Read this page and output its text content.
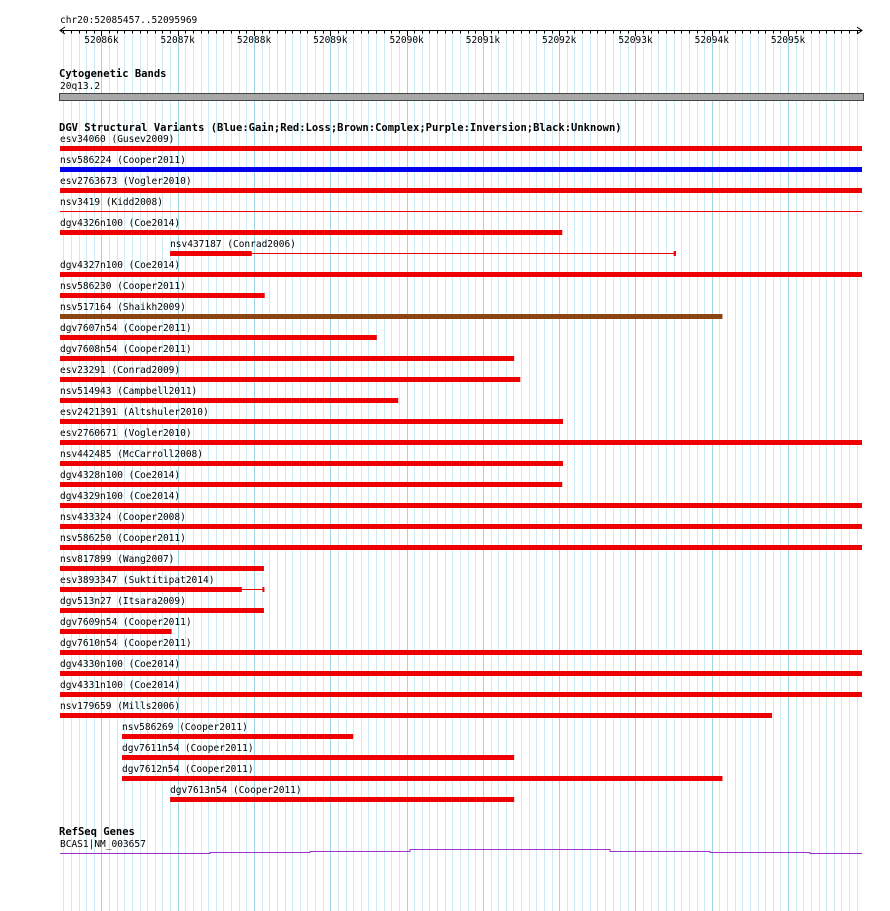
chr20:52085457..52095969
52086k	52087k	52088k	52089k	52090k	52091k	52092k	52093k	52094k	52095k
Cytogenetic Bands
20q13.2
DGV Structural Variants (Blue:Gain;Red:Loss;Brown:Complex;Purple:Inversion;Black:Unknown)
esv34060 (Gusev2009)
nsv586224 (Cooper2011)
esv2763673 (Vogler2010)
nsv3419 (Kidd2008)
dgv4326n100 (Coe2014)
nsv437187 (Conrad2006)
dgv4327n100 (Coe2014)
nsv586230 (Cooper2011)
nsv517164 (Shaikh2009)
dgv7607n54 (Cooper2011)
dgv7608n54 (Cooper2011)
esv23291 (Conrad2009)
nsv514943 (Campbell2011)
esv2421391 (Altshuler2010)
esv2760671 (Vogler2010)
nsv442485 (McCarroll2008)
dgv4328n100 (Coe2014)
dgv4329n100 (Coe2014)
nsv433324 (Cooper2008)
nsv586250 (Cooper2011)
nsv817899 (Wang2007)
esv3893347 (Suktitipat2014)
dgv513n27 (Itsara2009)
dgv7609n54 (Cooper2011)
dgv7610n54 (Cooper2011)
dgv4330n100 (Coe2014)
dgv4331n100 (Coe2014)
nsv179659 (Mills2006)
nsv586269 (Cooper2011)
dgv7611n54 (Cooper2011)
dgv7612n54 (Cooper2011)
dgv7613n54 (Cooper2011)
RefSeq Genes
BCAS1|NM_003657
